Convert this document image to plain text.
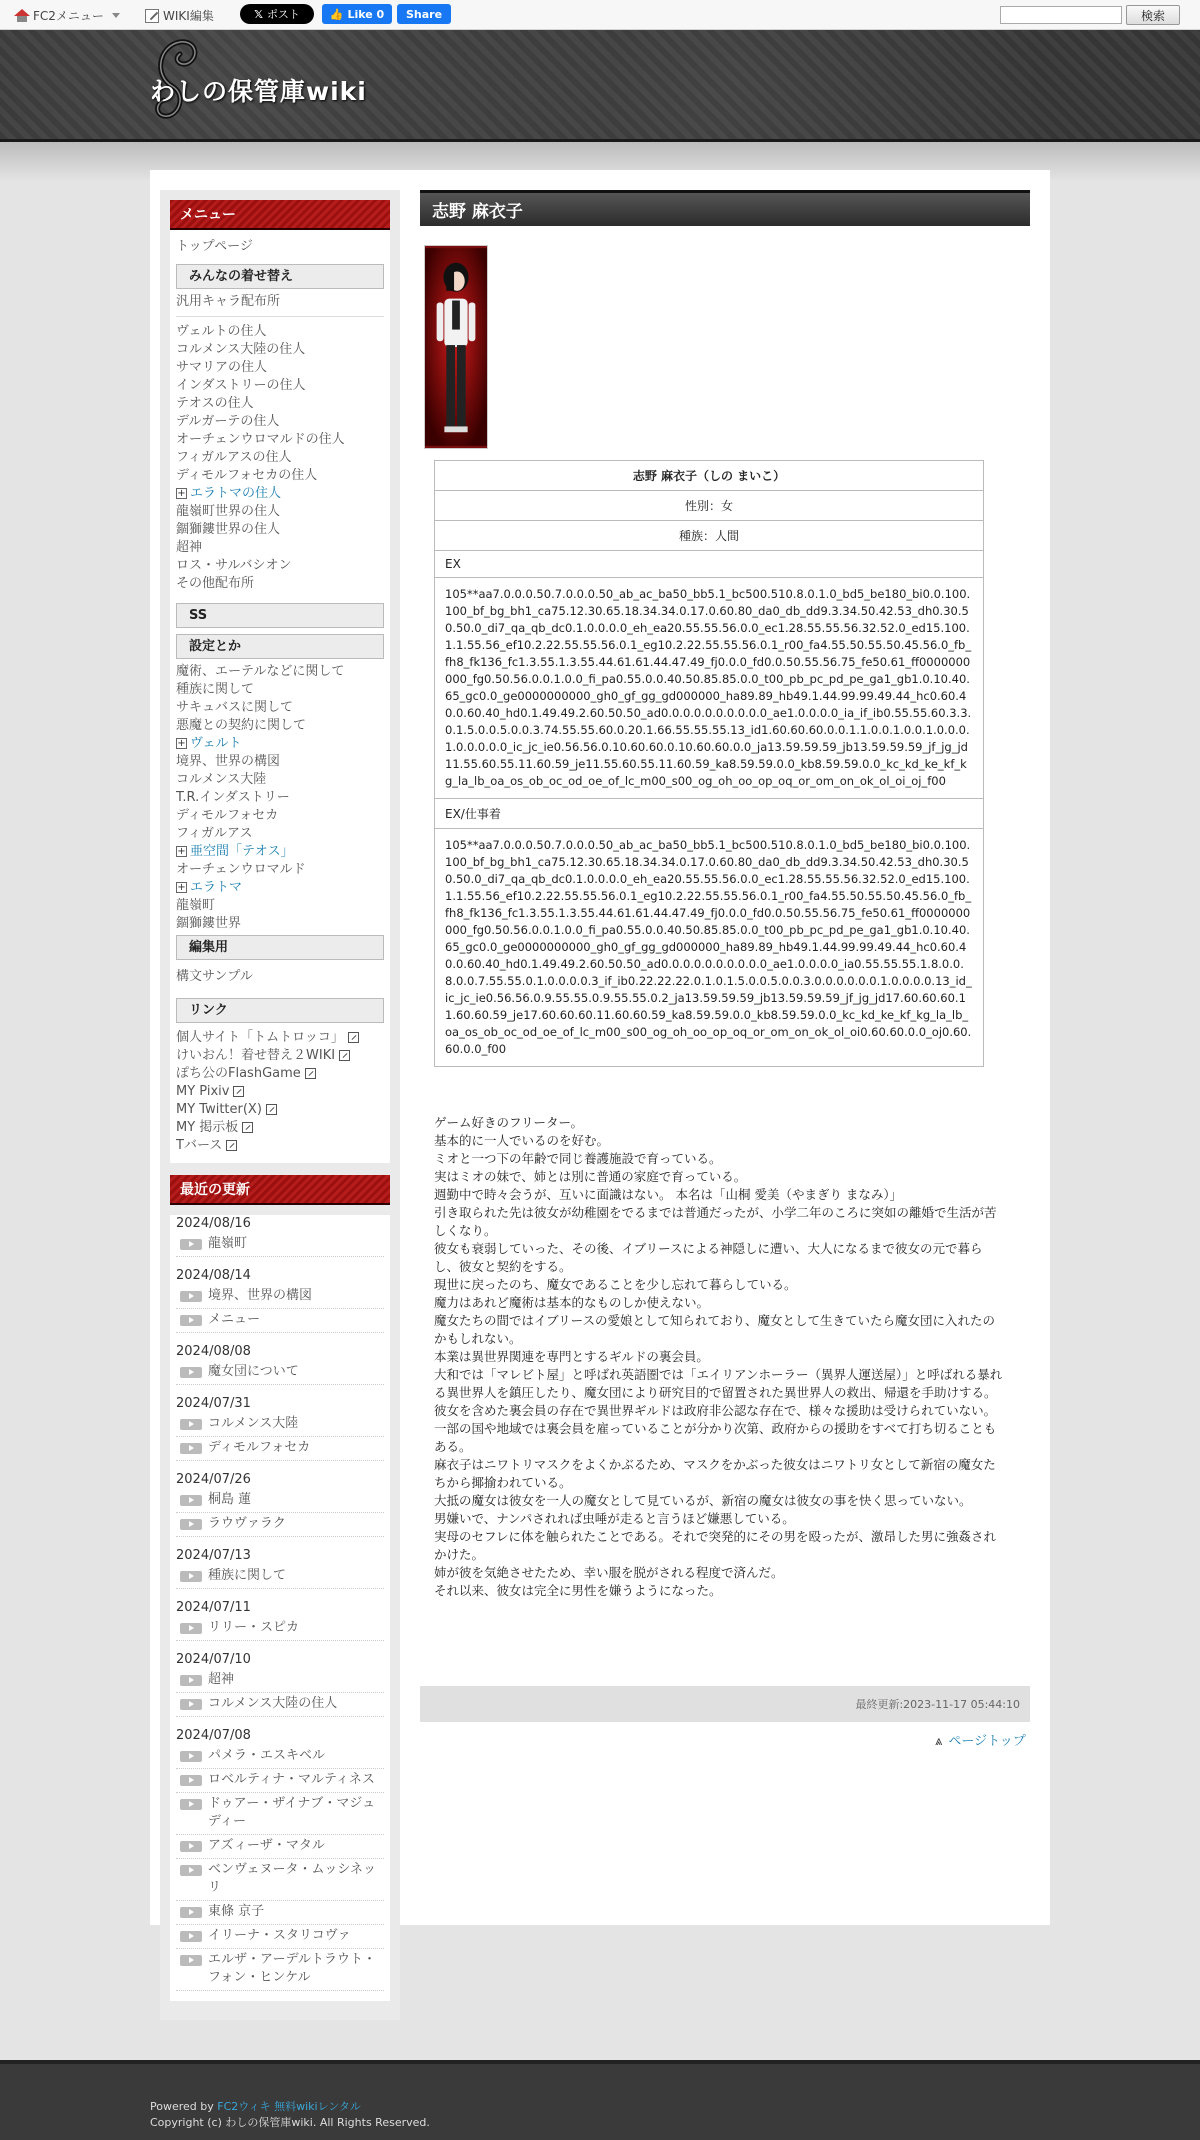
FC2メニュー	WIKI編集	𝕏 ポスト	👍 Like 0	Share	検索
わしの保管庫wiki
メニュー
トップページ
みんなの着せ替え
汎用キャラ配布所
ヴェルトの住人
コルメンス大陸の住人
サマリアの住人
インダストリーの住人
テオスの住人
デルガーテの住人
オーチェンウロマルドの住人
フィガルアスの住人
ディモルフォセカの住人
+ エラトマの住人
龍嶺町世界の住人
錮獅鏤世界の住人
超神
ロス・サルバシオン
その他配布所
SS
設定とか
魔術、エーテルなどに関して
種族に関して
サキュバスに関して
悪魔との契約に関して
+ ヴェルト
境界、世界の構図
コルメンス大陸
T.R.インダストリー
ディモルフォセカ
フィガルアス
+ 亜空間「テオス」
オーチェンウロマルド
+ エラトマ
龍嶺町
錮獅鏤世界
編集用
構文サンプル
リンク
個人サイト「トムトロッコ」
けいおん！着せ替え２WIKI
ぽち公のFlashGame
MY Pixiv
MY Twitter(X)
MY 掲示板
Tバース
最近の更新
2024/08/16
龍嶺町
2024/08/14
境界、世界の構図
メニュー
2024/08/08
魔女団について
2024/07/31
コルメンス大陸
ディモルフォセカ
2024/07/26
桐島 蓮
ラウヴァラク
2024/07/13
種族に関して
2024/07/11
リリー・スピカ
2024/07/10
超神
コルメンス大陸の住人
2024/07/08
パメラ・エスキベル
ロベルティナ・マルティネス
ドゥアー・ザイナブ・マジュディー
アズィーザ・マタル
ベンヴェヌータ・ムッシネッリ
東條 京子
イリーナ・スタリコヴァ
エルザ・アーデルトラウト・フォン・ヒンケル
志野 麻衣子
志野 麻衣子（しの まいこ）
性別：女
種族：人間
EX
105**aa7.0.0.0.50.7.0.0.0.50_ab_ac_ba50_bb5.1_bc500.510.8.0.1.0_bd5_be180_bi0.0.100.100_bf_bg_bh1_ca75.12.30.65.18.34.34.0.17.0.60.80_da0_db_dd9.3.34.50.42.53_dh0.30.50.50.0_di7_qa_qb_dc0.1.0.0.0.0_eh_ea20.55.55.56.0.0_ec1.28.55.55.56.32.52.0_ed15.100.1.1.55.56_ef10.2.22.55.55.56.0.1_eg10.2.22.55.55.56.0.1_r00_fa4.55.50.55.50.45.56.0_fb_fh8_fk136_fc1.3.55.1.3.55.44.61.61.44.47.49_fj0.0.0_fd0.0.50.55.56.75_fe50.61_ff0000000000_fg0.50.56.0.0.1.0.0_fi_pa0.55.0.0.40.50.85.85.0.0_t00_pb_pc_pd_pe_ga1_gb1.0.10.40.65_gc0.0_ge0000000000_gh0_gf_gg_gd000000_ha89.89_hb49.1.44.99.99.49.44_hc0.60.40.0.60.40_hd0.1.49.49.2.60.50.50_ad0.0.0.0.0.0.0.0.0.0_ae1.0.0.0.0_ia_if_ib0.55.55.60.3.3.0.1.5.0.0.5.0.0.3.74.55.55.60.0.20.1.66.55.55.55.13_id1.60.60.60.0.0.1.1.0.0.1.0.0.1.0.0.0.1.0.0.0.0.0_ic_jc_ie0.56.56.0.10.60.60.0.10.60.60.0.0_ja13.59.59.59_jb13.59.59.59_jf_jg_jd11.55.60.55.11.60.59_je11.55.60.55.11.60.59_ka8.59.59.0.0_kb8.59.59.0.0_kc_kd_ke_kf_kg_la_lb_oa_os_ob_oc_od_oe_of_lc_m00_s00_og_oh_oo_op_oq_or_om_on_ok_ol_oi_oj_f00
EX/仕事着
105**aa7.0.0.0.50.7.0.0.0.50_ab_ac_ba50_bb5.1_bc500.510.8.0.1.0_bd5_be180_bi0.0.100.100_bf_bg_bh1_ca75.12.30.65.18.34.34.0.17.0.60.80_da0_db_dd9.3.34.50.42.53_dh0.30.50.50.0_di7_qa_qb_dc0.1.0.0.0.0_eh_ea20.55.55.56.0.0_ec1.28.55.55.56.32.52.0_ed15.100.1.1.55.56_ef10.2.22.55.55.56.0.1_eg10.2.22.55.55.56.0.1_r00_fa4.55.50.55.50.45.56.0_fb_fh8_fk136_fc1.3.55.1.3.55.44.61.61.44.47.49_fj0.0.0_fd0.0.50.55.56.75_fe50.61_ff0000000000_fg0.50.56.0.0.1.0.0_fi_pa0.55.0.0.40.50.85.85.0.0_t00_pb_pc_pd_pe_ga1_gb1.0.10.40.65_gc0.0_ge0000000000_gh0_gf_gg_gd000000_ha89.89_hb49.1.44.99.99.49.44_hc0.60.40.0.60.40_hd0.1.49.49.2.60.50.50_ad0.0.0.0.0.0.0.0.0.0_ae1.0.0.0.0_ia0.55.55.55.1.8.0.0.8.0.0.7.55.55.0.1.0.0.0.0.3_if_ib0.22.22.22.0.1.0.1.5.0.0.5.0.0.3.0.0.0.0.0.0.1.0.0.0.0.13_id_ic_jc_ie0.56.56.0.9.55.55.0.9.55.55.0.2_ja13.59.59.59_jb13.59.59.59_jf_jg_jd17.60.60.60.11.60.60.59_je17.60.60.60.11.60.60.59_ka8.59.59.0.0_kb8.59.59.0.0_kc_kd_ke_kf_kg_la_lb_oa_os_ob_oc_od_oe_of_lc_m00_s00_og_oh_oo_op_oq_or_om_on_ok_ol_oi0.60.60.0.0_oj0.60.60.0.0_f00
ゲーム好きのフリーター。
基本的に一人でいるのを好む。
ミオと一つ下の年齢で同じ養護施設で育っている。
実はミオの妹で、姉とは別に普通の家庭で育っている。
週勤中で時々会うが、互いに面識はない。 本名は「山桐 愛美（やまぎり まなみ）」
引き取られた先は彼女が幼稚園をでるまでは普通だったが、小学二年のころに突如の離婚で生活が苦しくなり。
彼女も衰弱していった、その後、イブリースによる神隠しに遭い、大人になるまで彼女の元で暮らし、彼女と契約をする。
現世に戻ったのち、魔女であることを少し忘れて暮らしている。
魔力はあれど魔術は基本的なものしか使えない。
魔女たちの間ではイブリースの愛娘として知られており、魔女として生きていたら魔女団に入れたのかもしれない。
本業は異世界関連を専門とするギルドの裏会員。
大和では「マレビト屋」と呼ばれ英語圏では「エイリアンホーラー（異界人運送屋）」と呼ばれる暴れる異世界人を鎮圧したり、魔女団により研究目的で留置された異世界人の救出、帰還を手助けする。
彼女を含めた裏会員の存在で異世界ギルドは政府非公認な存在で、様々な援助は受けられていない。
一部の国や地域では裏会員を雇っていることが分かり次第、政府からの援助をすべて打ち切ることもある。
麻衣子はニワトリマスクをよくかぶるため、マスクをかぶった彼女はニワトリ女として新宿の魔女たちから揶揄われている。
大抵の魔女は彼女を一人の魔女として見ているが、新宿の魔女は彼女の事を快く思っていない。
男嫌いで、ナンパされれば虫唾が走ると言うほど嫌悪している。
実母のセフレに体を触られたことである。それで突発的にその男を殴ったが、激昂した男に強姦されかけた。
姉が彼を気絶させたため、幸い服を脱がされる程度で済んだ。
それ以来、彼女は完全に男性を嫌うようになった。
最終更新:2023-11-17 05:44:10
⩓ ページトップ
Powered by FC2ウィキ 無料wikiレンタル
Copyright (c) わしの保管庫wiki. All Rights Reserved.
